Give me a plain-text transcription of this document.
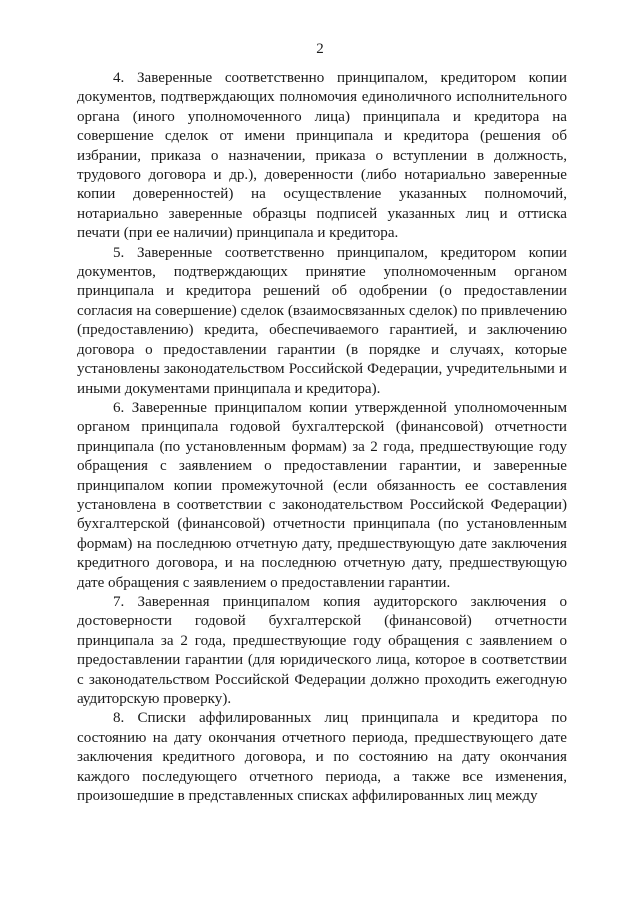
2

4. Заверенные соответственно принципалом, кредитором копии документов, подтверждающих полномочия единоличного исполнительного органа (иного уполномоченного лица) принципала и кредитора на совершение сделок от имени принципала и кредитора (решения об избрании, приказа о назначении, приказа о вступлении в должность, трудового договора и др.), доверенности (либо нотариально заверенные копии доверенностей) на осуществление указанных полномочий, нотариально заверенные образцы подписей указанных лиц и оттиска печати (при ее наличии) принципала и кредитора.

5. Заверенные соответственно принципалом, кредитором копии документов, подтверждающих принятие уполномоченным органом принципала и кредитора решений об одобрении (о предоставлении согласия на совершение) сделок (взаимосвязанных сделок) по привлечению (предоставлению) кредита, обеспечиваемого гарантией, и заключению договора о предоставлении гарантии (в порядке и случаях, которые установлены законодательством Российской Федерации, учредительными и иными документами принципала и кредитора).

6. Заверенные принципалом копии утвержденной уполномоченным органом принципала годовой бухгалтерской (финансовой) отчетности принципала (по установленным формам) за 2 года, предшествующие году обращения с заявлением о предоставлении гарантии, и заверенные принципалом копии промежуточной (если обязанность ее составления установлена в соответствии с законодательством Российской Федерации) бухгалтерской (финансовой) отчетности принципала (по установленным формам) на последнюю отчетную дату, предшествующую дате заключения кредитного договора, и на последнюю отчетную дату, предшествующую дате обращения с заявлением о предоставлении гарантии.

7. Заверенная принципалом копия аудиторского заключения о достоверности годовой бухгалтерской (финансовой) отчетности принципала за 2 года, предшествующие году обращения с заявлением о предоставлении гарантии (для юридического лица, которое в соответствии с законодательством Российской Федерации должно проходить ежегодную аудиторскую проверку).

8. Списки аффилированных лиц принципала и кредитора по состоянию на дату окончания отчетного периода, предшествующего дате заключения кредитного договора, и по состоянию на дату окончания каждого последующего отчетного периода, а также все изменения, произошедшие в представленных списках аффилированных лиц между
